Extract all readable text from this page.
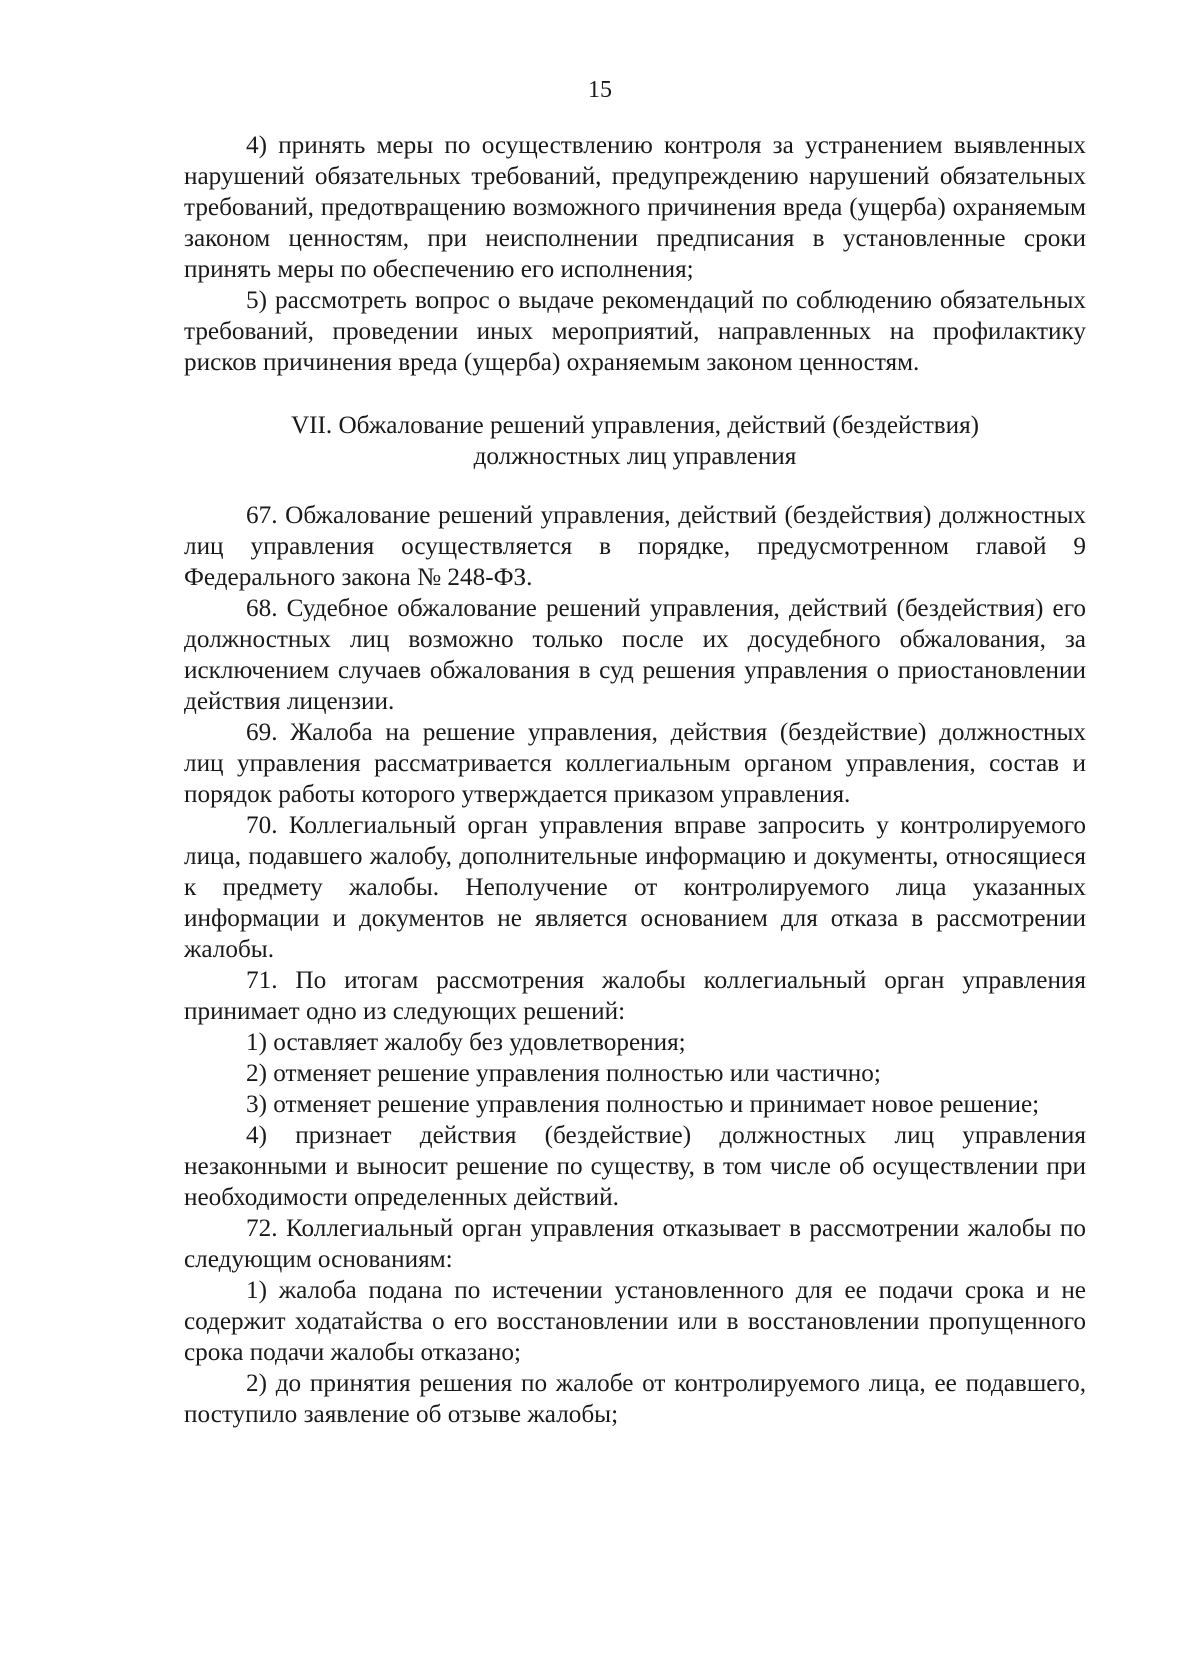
15

4) принять меры по осуществлению контроля за устранением выявленных нарушений обязательных требований, предупреждению нарушений обязательных требований, предотвращению возможного причинения вреда (ущерба) охраняемым законом ценностям, при неисполнении предписания в установленные сроки принять меры по обеспечению его исполнения;

5) рассмотреть вопрос о выдаче рекомендаций по соблюдению обязательных требований, проведении иных мероприятий, направленных на профилактику рисков причинения вреда (ущерба) охраняемым законом ценностям.

VII. Обжалование решений управления, действий (бездействия)
должностных лиц управления

67. Обжалование решений управления, действий (бездействия) должностных лиц управления осуществляется в порядке, предусмотренном главой 9 Федерального закона № 248-ФЗ.

68. Судебное обжалование решений управления, действий (бездействия) его должностных лиц возможно только после их досудебного обжалования, за исключением случаев обжалования в суд решения управления о приостановлении действия лицензии.

69. Жалоба на решение управления, действия (бездействие) должностных лиц управления рассматривается коллегиальным органом управления, состав и порядок работы которого утверждается приказом управления.

70. Коллегиальный орган управления вправе запросить у контролируемого лица, подавшего жалобу, дополнительные информацию и документы, относящиеся к предмету жалобы. Неполучение от контролируемого лица указанных информации и документов не является основанием для отказа в рассмотрении жалобы.

71. По итогам рассмотрения жалобы коллегиальный орган управления принимает одно из следующих решений:

1) оставляет жалобу без удовлетворения;

2) отменяет решение управления полностью или частично;

3) отменяет решение управления полностью и принимает новое решение;

4) признает действия (бездействие) должностных лиц управления незаконными и выносит решение по существу, в том числе об осуществлении при необходимости определенных действий.

72. Коллегиальный орган управления отказывает в рассмотрении жалобы по следующим основаниям:

1) жалоба подана по истечении установленного для ее подачи срока и не содержит ходатайства о его восстановлении или в восстановлении пропущенного срока подачи жалобы отказано;

2) до принятия решения по жалобе от контролируемого лица, ее подавшего, поступило заявление об отзыве жалобы;
